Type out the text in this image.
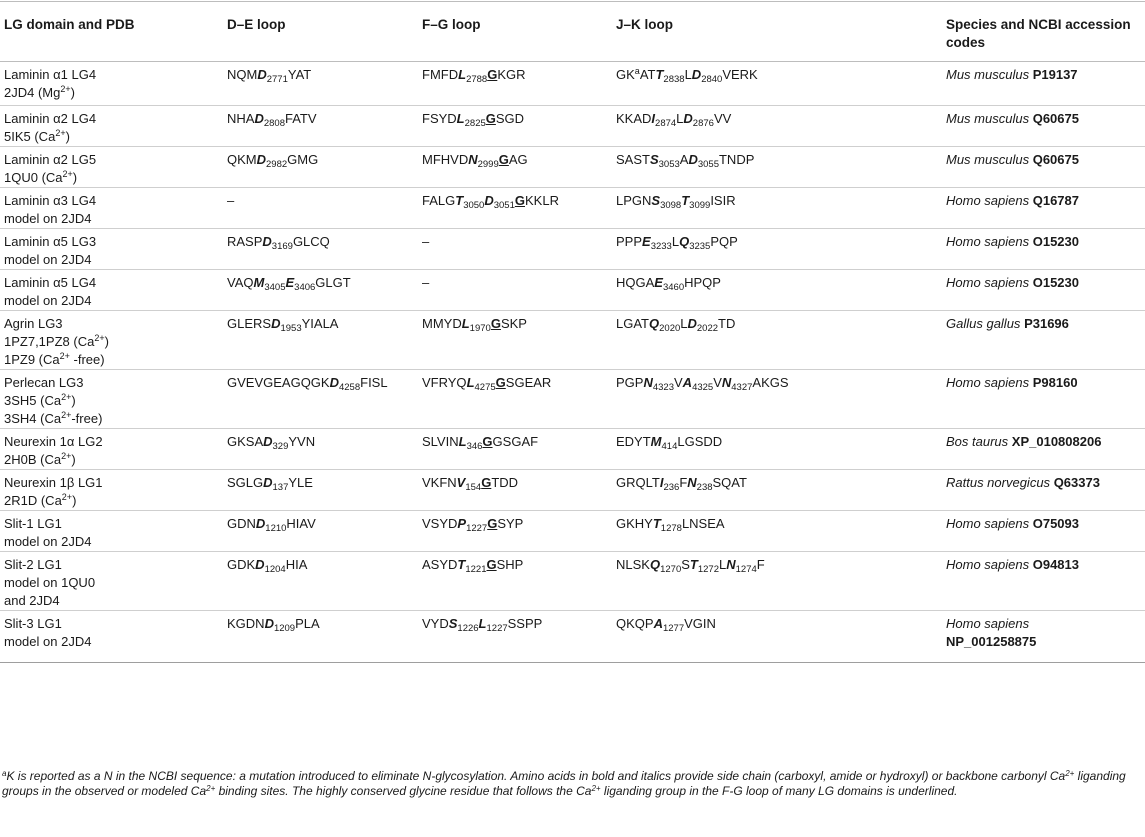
LG domain and PDB	D–E loop	F–G loop	J–K loop	Species and NCBI accession codes

Laminin α1 LG4
2JD4 $(Mg^{2+})$	$NQMD_{2771}YAT$	$FMFDL_{2788}GKGR$	$GK^aATT_{2838}LD_{2840}VERK$	Mus musculus P19137

Laminin α2 LG4
5IK5 $(Ca^{2+})$	$NHAD_{2808}FATV$	$FSYDL_{2825}GSGD$	$KKADI_{2874}LD_{2876}VV$	Mus musculus Q60675

Laminin α2 LG5
1QU0 $(Ca^{2+})$	$QKMD_{2982}GMG$	$MFHVDN_{2999}GAG$	$SASTS_{3053}AD_{3055}TNDP$	Mus musculus Q60675

Laminin α3 LG4
model on 2JD4	–	$FALGT_{3050}D_{3051}GKKLR$	$LPGNS_{3098}T_{3099}ISIR$	Homo sapiens Q16787

Laminin α5 LG3
model on 2JD4	$RASPD_{3169}GLCQ$	–	$PPPE_{3233}LQ_{3235}PQP$	Homo sapiens O15230

Laminin α5 LG4
model on 2JD4	$VAQM_{3405}E_{3406}GLGT$	–	$HQGAE_{3460}HPQP$	Homo sapiens O15230

Agrin LG3
1PZ7,1PZ8 $(Ca^{2+})$
1PZ9 ($Ca^{2+}$ -free)	$GLERSD_{1953}YIALA$	$MMYDL_{1970}GSKP$	$LGATQ_{2020}LD_{2022}TD$	Gallus gallus P31696

Perlecan LG3
3SH5 $(Ca^{2+})$
3SH4 $(Ca^{2+}-free)$	$GVEVGEAGQGKD_{4258}FISL$	$VFRYQL_{4275}GSGEAR$	$PGPN_{4323}VA_{4325}VN_{4327}AKGS$	Homo sapiens P98160

Neurexin 1α LG2
2H0B $(Ca^{2+})$	$GKSAD_{329}YVN$	$SLVINL_{346}GGSGAF$	$EDYTM_{414}LGSDD$	Bos taurus XP_010808206

Neurexin 1β LG1
2R1D $(Ca^{2+})$	$SGLGD_{137}YLE$	$VKFNV_{154}GTDD$	$GRQLTI_{236}FN_{238}SQAT$	Rattus norvegicus Q63373

Slit-1 LG1
model on 2JD4	$GDND_{1210}HIAV$	$VSYDP_{1227}GSYP$	$GKHYT_{1278}LNSEA$	Homo sapiens O75093

Slit-2 LG1
model on 1QU0
and 2JD4	$GDKD_{1204}HIA$	$ASYDT_{1221}GSHP$	$NLSKQ_{1270}ST_{1272}LN_{1274}F$	Homo sapiens O94813

Slit-3 LG1
model on 2JD4	$KGDND_{1209}PLA$	$VYDS_{1226}L_{1227}SSPP$	$QKQPA_{1277}VGIN$	Homo sapiens
NP_001258875
$^a$K is reported as a N in the NCBI sequence: a mutation introduced to eliminate N-glycosylation. Amino acids in bold and italics provide side chain (carboxyl, amide or hydroxyl) or backbone carbonyl $Ca^{2+}$ liganding groups in the observed or modeled $Ca^{2+}$ binding sites. The highly conserved glycine residue that follows the $Ca^{2+}$ liganding group in the F-G loop of many LG domains is underlined.
